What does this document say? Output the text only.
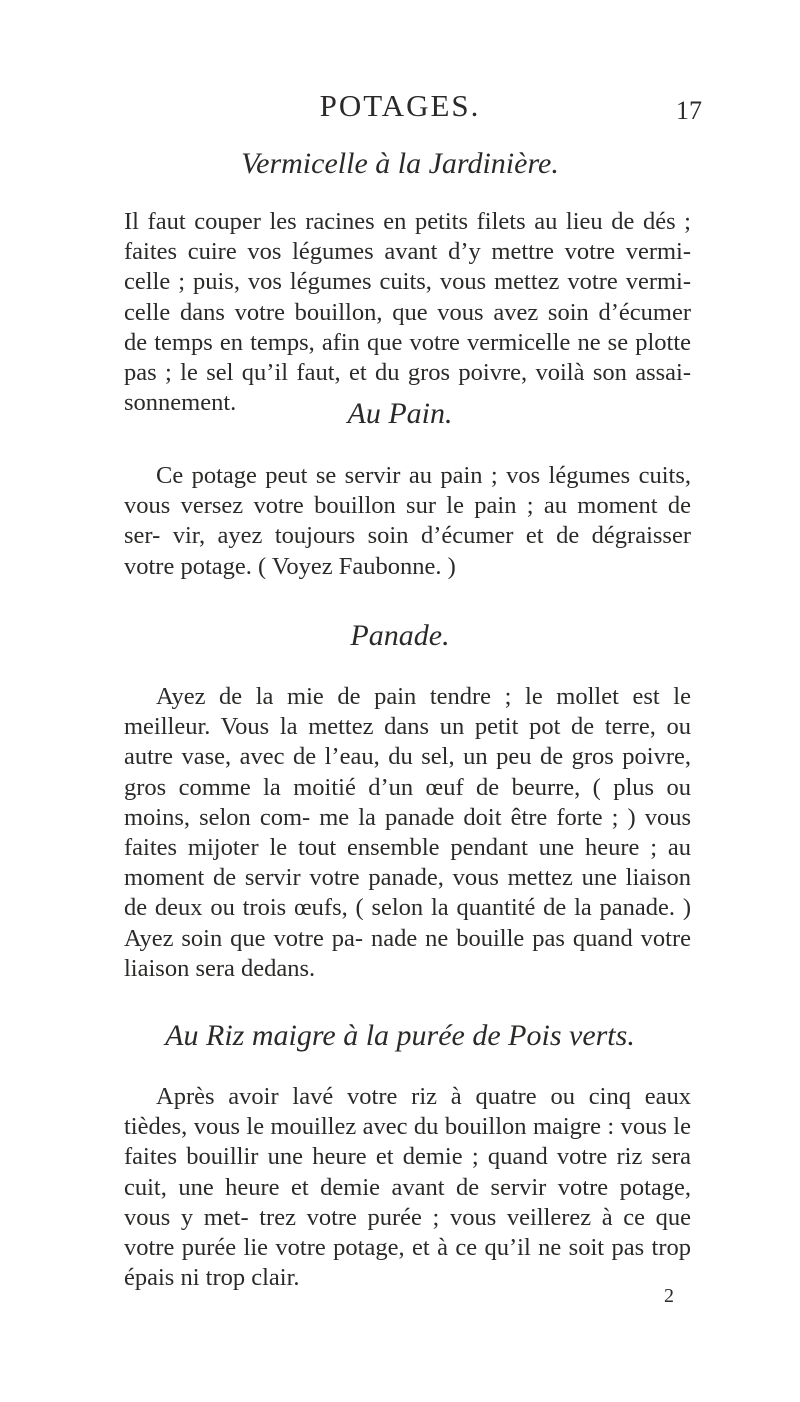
POTAGES.	17
Vermicelle à la Jardinière.

Il faut couper les racines en petits filets au lieu de dés ; faites cuire vos légumes avant d’y mettre votre vermi- celle ; puis, vos légumes cuits, vous mettez votre vermi- celle dans votre bouillon, que vous avez soin d’écumer de temps en temps, afin que votre vermicelle ne se plotte pas ; le sel qu’il faut, et du gros poivre, voilà son assai- sonnement.	Au Pain.

Ce potage peut se servir au pain ; vos légumes cuits, vous versez votre bouillon sur le pain ; au moment de ser- vir, ayez toujours soin d’écumer et de dégraisser votre potage. ( Voyez Faubonne. )

Panade.

Ayez de la mie de pain tendre ; le mollet est le meilleur. Vous la mettez dans un petit pot de terre, ou autre vase, avec de l’eau, du sel, un peu de gros poivre, gros comme la moitié d’un œuf de beurre, ( plus ou moins, selon com- me la panade doit être forte ; ) vous faites mijoter le tout ensemble pendant une heure ; au moment de servir votre panade, vous mettez une liaison de deux ou trois œufs, ( selon la quantité de la panade. ) Ayez soin que votre pa- nade ne bouille pas quand votre liaison sera dedans.

Au Riz maigre à la purée de Pois verts.

Après avoir lavé votre riz à quatre ou cinq eaux tièdes, vous le mouillez avec du bouillon maigre : vous le faites bouillir une heure et demie ; quand votre riz sera cuit, une heure et demie avant de servir votre potage, vous y met- trez votre purée ; vous veillerez à ce que votre purée lie votre potage, et à ce qu’il ne soit pas trop épais ni trop clair.

2
